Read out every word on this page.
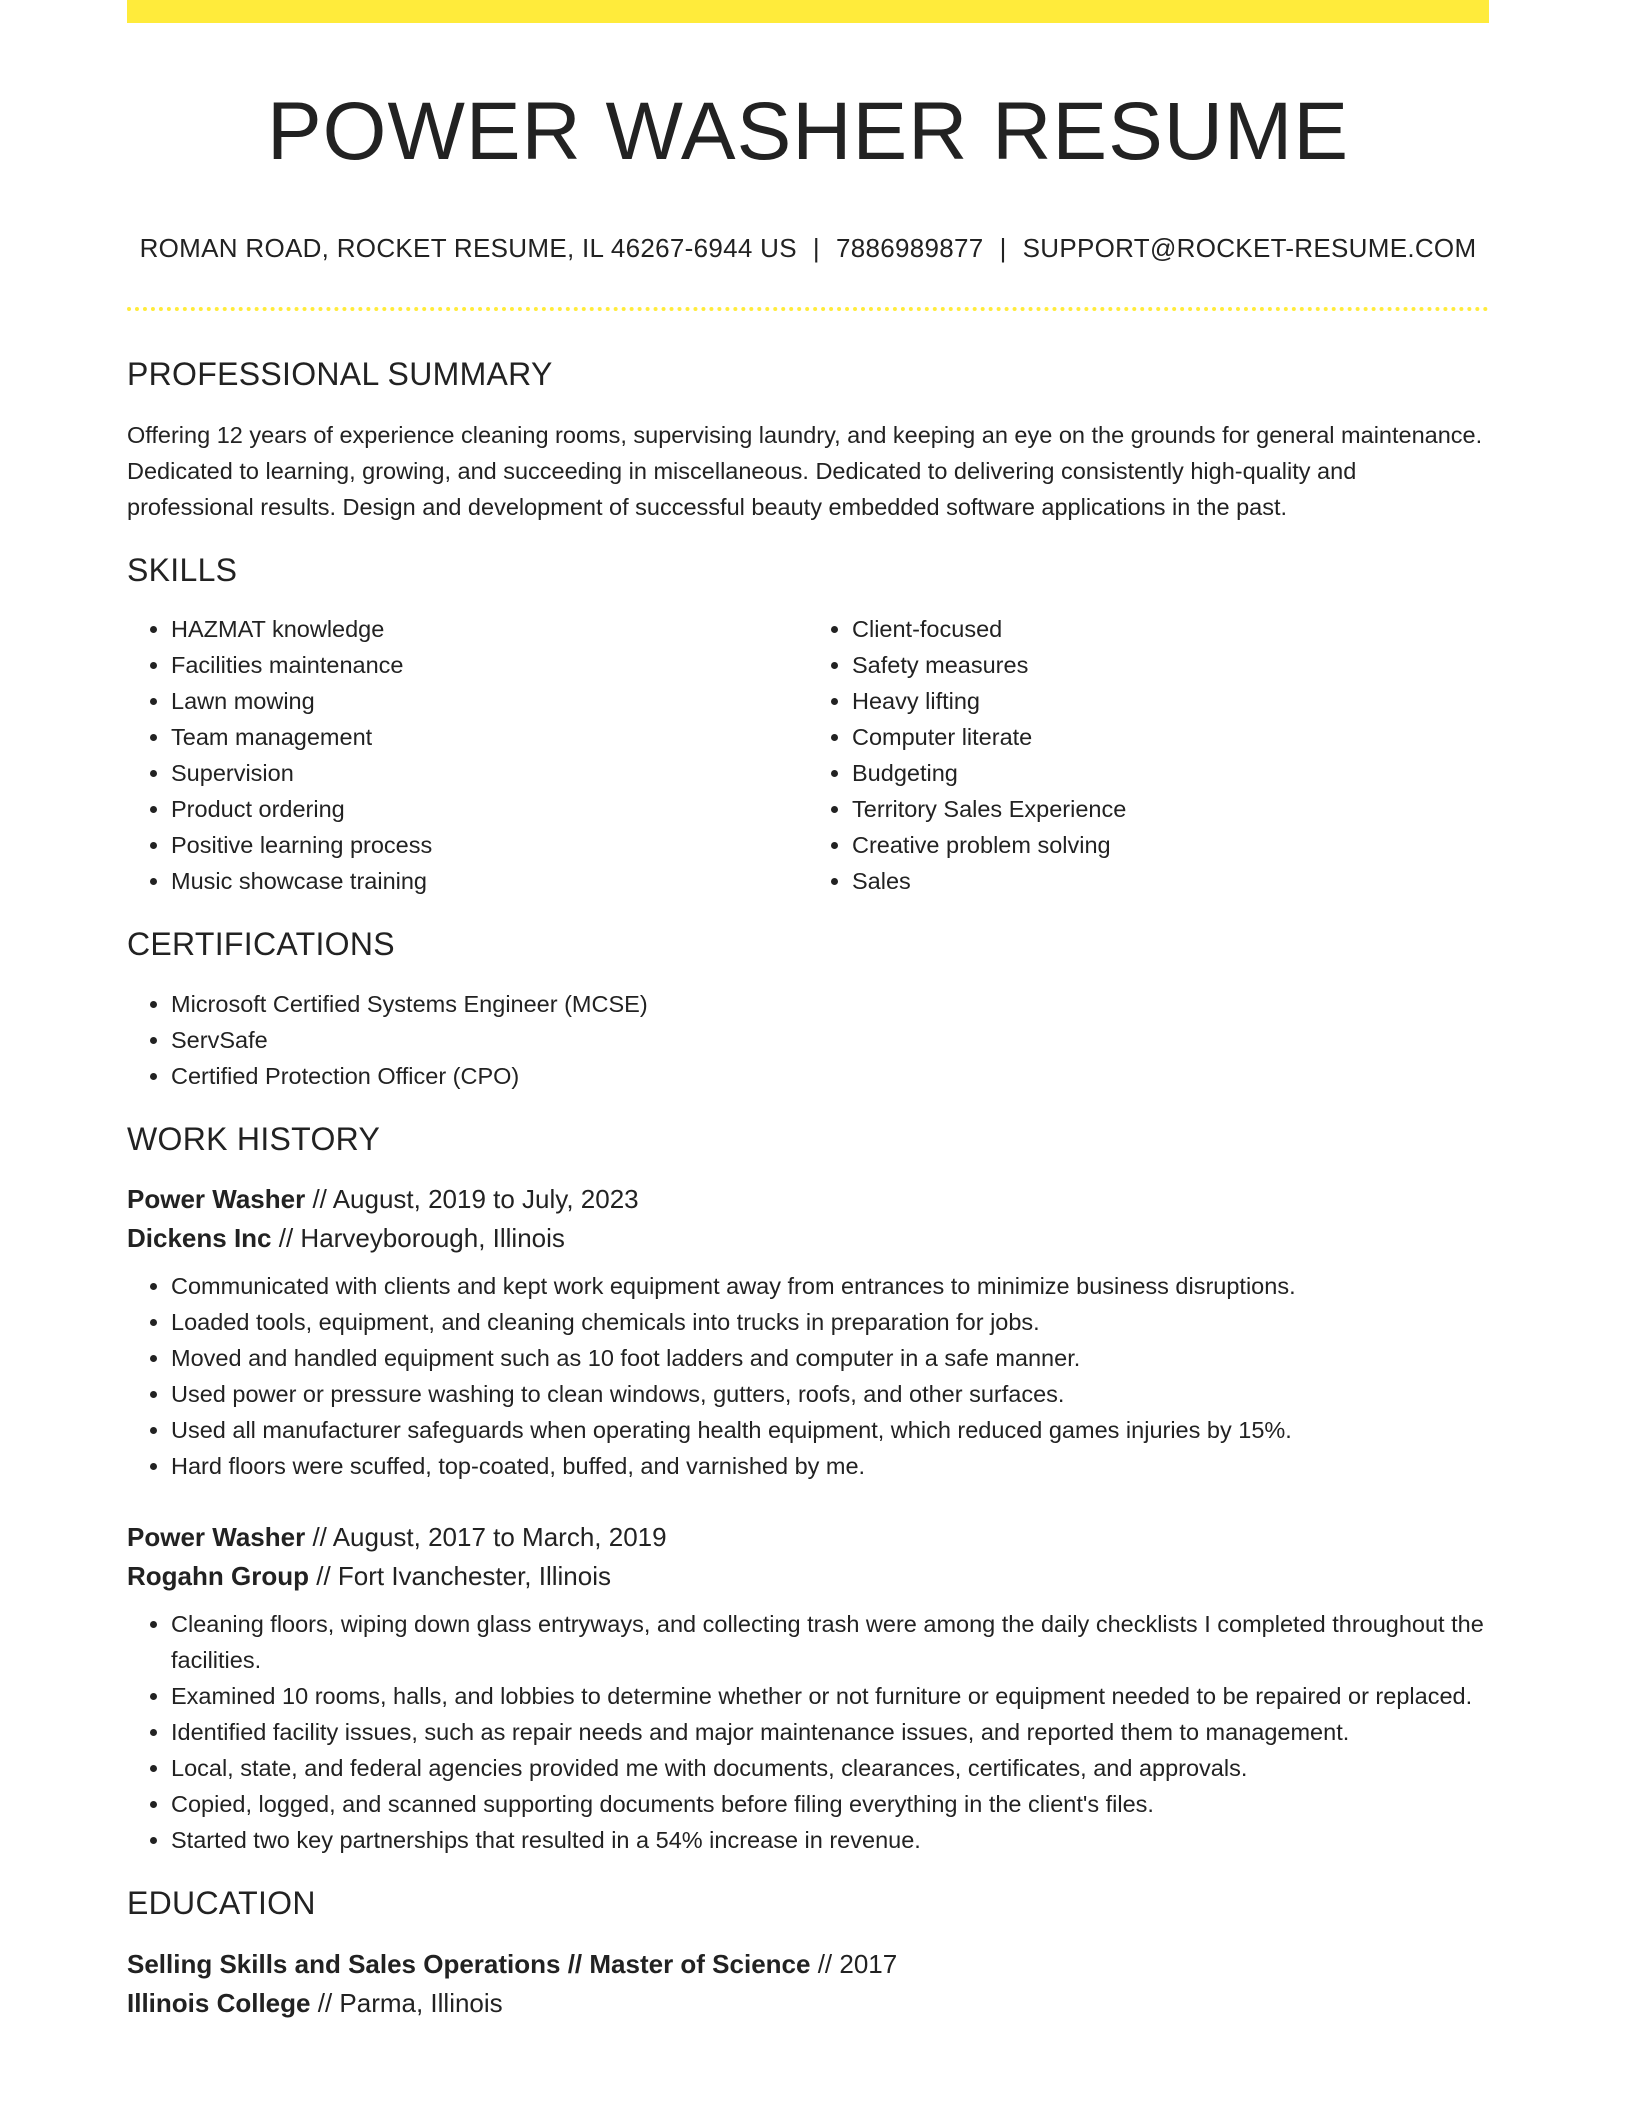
POWER WASHER RESUME
ROMAN ROAD, ROCKET RESUME, IL 46267-6944 US | 7886989877 | SUPPORT@ROCKET-RESUME.COM
PROFESSIONAL SUMMARY

Offering 12 years of experience cleaning rooms, supervising laundry, and keeping an eye on the grounds for general maintenance. Dedicated to learning, growing, and succeeding in miscellaneous. Dedicated to delivering consistently high-quality and professional results. Design and development of successful beauty embedded software applications in the past.

SKILLS
• HAZMAT knowledge
• Facilities maintenance
• Lawn mowing
• Team management
• Supervision
• Product ordering
• Positive learning process
• Music showcase training
• Client-focused
• Safety measures
• Heavy lifting
• Computer literate
• Budgeting
• Territory Sales Experience
• Creative problem solving
• Sales
CERTIFICATIONS
• Microsoft Certified Systems Engineer (MCSE)
• ServSafe
• Certified Protection Officer (CPO)
WORK HISTORY
Power Washer // August, 2019 to July, 2023
Dickens Inc // Harveyborough, Illinois
• Communicated with clients and kept work equipment away from entrances to minimize business disruptions.
• Loaded tools, equipment, and cleaning chemicals into trucks in preparation for jobs.
• Moved and handled equipment such as 10 foot ladders and computer in a safe manner.
• Used power or pressure washing to clean windows, gutters, roofs, and other surfaces.
• Used all manufacturer safeguards when operating health equipment, which reduced games injuries by 15%.
• Hard floors were scuffed, top-coated, buffed, and varnished by me.
Power Washer // August, 2017 to March, 2019
Rogahn Group // Fort Ivanchester, Illinois
• Cleaning floors, wiping down glass entryways, and collecting trash were among the daily checklists I completed throughout the facilities.
• Examined 10 rooms, halls, and lobbies to determine whether or not furniture or equipment needed to be repaired or replaced.
• Identified facility issues, such as repair needs and major maintenance issues, and reported them to management.
• Local, state, and federal agencies provided me with documents, clearances, certificates, and approvals.
• Copied, logged, and scanned supporting documents before filing everything in the client's files.
• Started two key partnerships that resulted in a 54% increase in revenue.
EDUCATION
Selling Skills and Sales Operations // Master of Science // 2017
Illinois College // Parma, Illinois
